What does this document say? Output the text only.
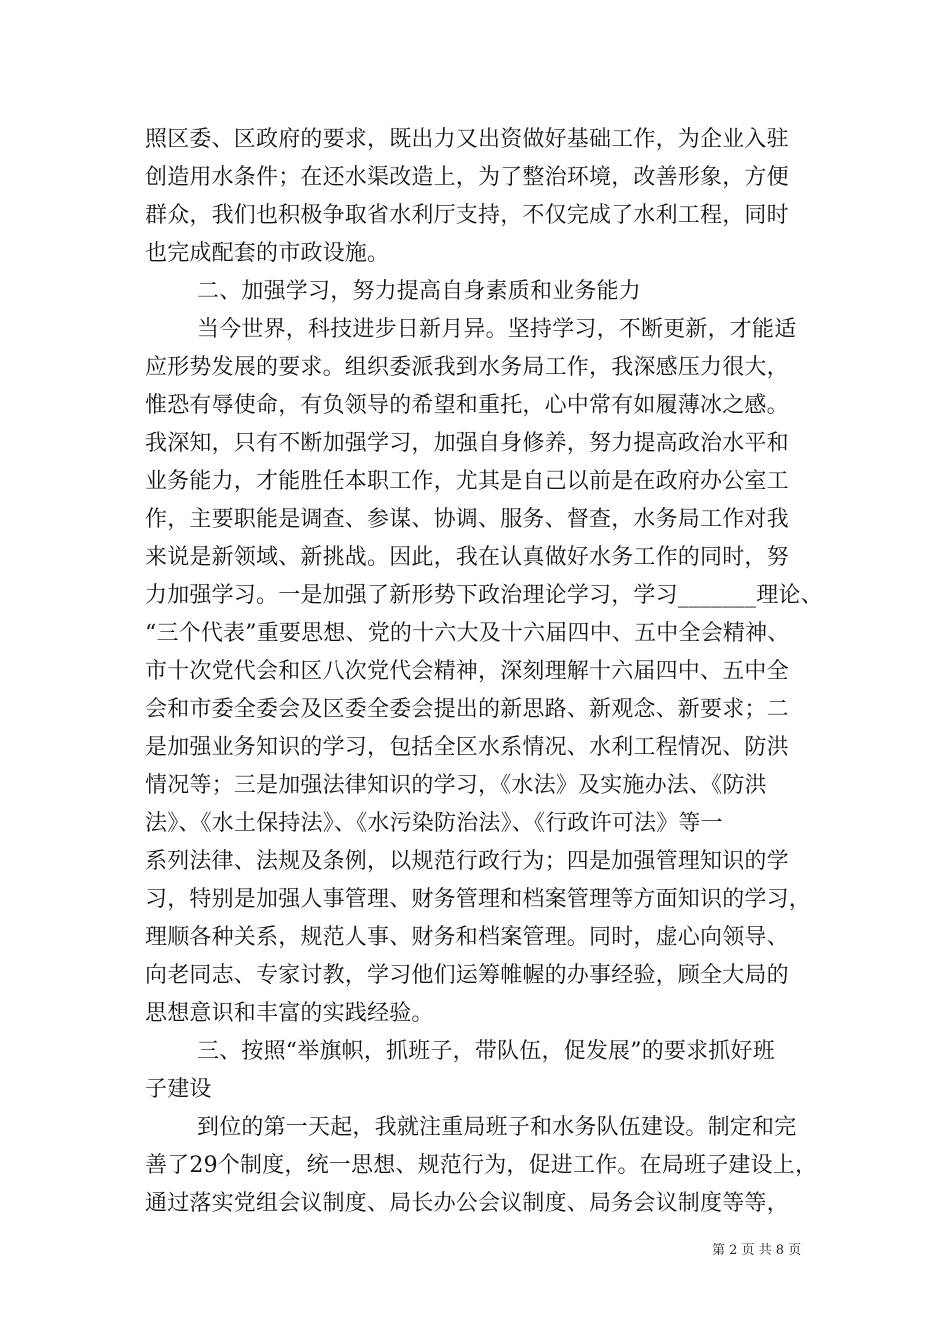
照区委、区政府的要求，既出力又出资做好基础工作，为企业入驻
创造用水条件；在还水渠改造上，为了整治环境，改善形象，方便
群众，我们也积极争取省水利厅支持，不仅完成了水利工程，同时
也完成配套的市政设施。
二、加强学习，努力提高自身素质和业务能力
当今世界，科技进步日新月异。坚持学习，不断更新，才能适
应形势发展的要求。组织委派我到水务局工作，我深感压力很大，
惟恐有辱使命，有负领导的希望和重托，心中常有如履薄冰之感。
我深知，只有不断加强学习，加强自身修养，努力提高政治水平和
业务能力，才能胜任本职工作，尤其是自己以前是在政府办公室工
作，主要职能是调查、参谋、协调、服务、督查，水务局工作对我
来说是新领域、新挑战。因此，我在认真做好水务工作的同时，努
力加强学习。一是加强了新形势下政治理论学习，学习_______理论、
“三个代表”重要思想、党的十六大及十六届四中、五中全会精神、
市十次党代会和区八次党代会精神，深刻理解十六届四中、五中全
会和市委全委会及区委全委会提出的新思路、新观念、新要求；二
是加强业务知识的学习，包括全区水系情况、水利工程情况、防洪
情况等；三是加强法律知识的学习，《水法》及实施办法、《防洪
法》、《水土保持法》、《水污染防治法》、《行政许可法》等一
系列法律、法规及条例，以规范行政行为；四是加强管理知识的学
习，特别是加强人事管理、财务管理和档案管理等方面知识的学习，
理顺各种关系，规范人事、财务和档案管理。同时，虚心向领导、
向老同志、专家讨教，学习他们运筹帷幄的办事经验，顾全大局的
思想意识和丰富的实践经验。
三、按照“举旗帜，抓班子，带队伍，促发展”的要求抓好班
子建设
到位的第一天起，我就注重局班子和水务队伍建设。制定和完
善了29个制度，统一思想、规范行为，促进工作。在局班子建设上，
通过落实党组会议制度、局长办公会议制度、局务会议制度等等，
第 2 页 共 8 页
